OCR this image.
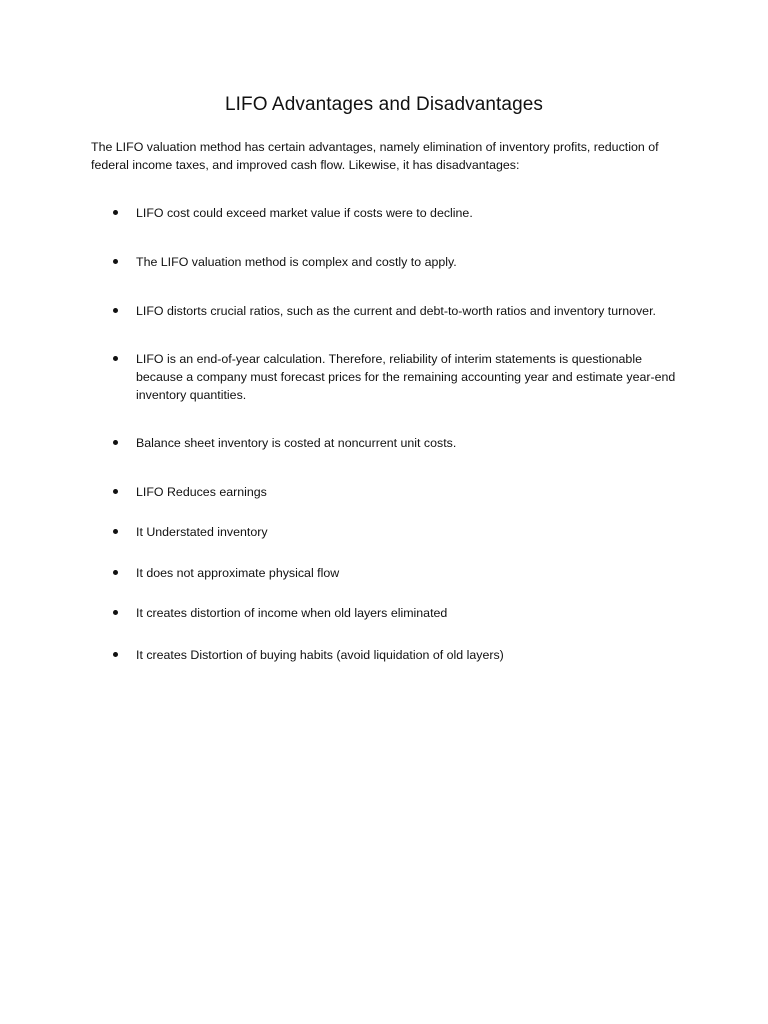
LIFO Advantages and Disadvantages

The LIFO valuation method has certain advantages, namely elimination of inventory profits, reduction of federal income taxes, and improved cash flow. Likewise, it has disadvantages:

LIFO cost could exceed market value if costs were to decline.
The LIFO valuation method is complex and costly to apply.
LIFO distorts crucial ratios, such as the current and debt-to-worth ratios and inventory turnover.
LIFO is an end-of-year calculation. Therefore, reliability of interim statements is questionable because a company must forecast prices for the remaining accounting year and estimate year-end inventory quantities.
Balance sheet inventory is costed at noncurrent unit costs.
LIFO Reduces earnings
It Understated inventory
It does not approximate physical flow
It creates distortion of income when old layers eliminated
It creates Distortion of buying habits (avoid liquidation of old layers)
